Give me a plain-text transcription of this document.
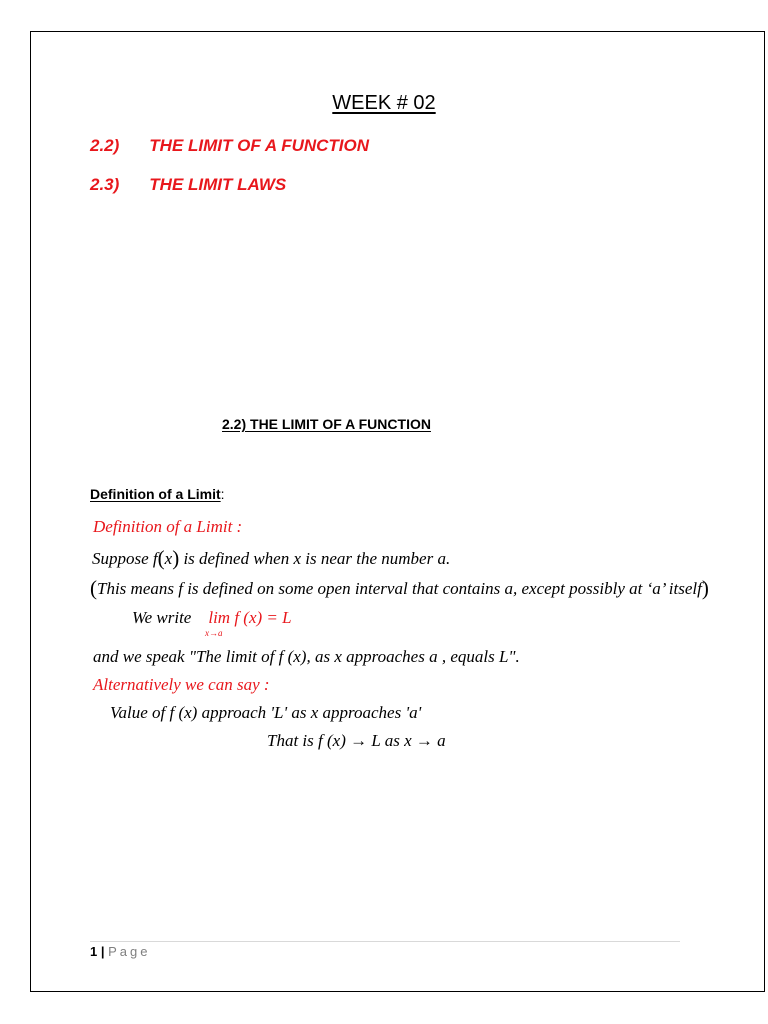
WEEK # 02
2.2) THE LIMIT OF A FUNCTION
2.3) THE LIMIT LAWS
2.2) THE LIMIT OF A FUNCTION
Definition of a Limit:
Definition of a Limit :
Suppose f(x) is defined when x is near the number a.
(This means f is defined on some open interval that contains a, except possibly at ‘a’ itself)
We write lim f (x) = L
x→a
and we speak "The limit of f (x), as x approaches a , equals L".
Alternatively we can say :
Value of f (x) approach 'L' as x approaches 'a'
That is f (x) → L as x → a
1 | Page
